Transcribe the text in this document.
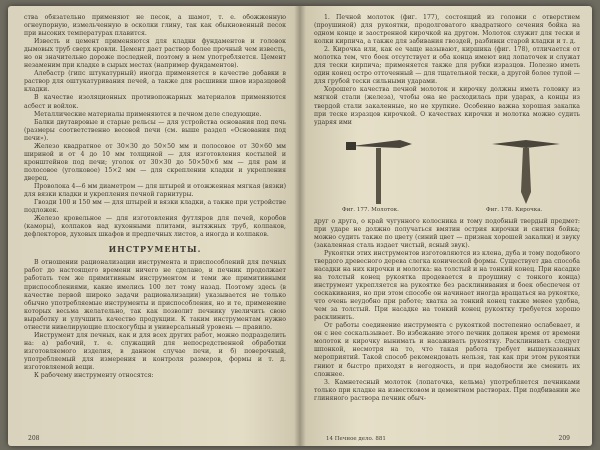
ства обязательно применяют не песок, а шамот, т. е. обожженную огнеупорную, измельченную в осколки глину, так как обыкновенный песок при высоких температурах плавится.

Известь и цемент применяются для кладки фундаментов и головок дымовых труб сверх кровли. Цемент дает раствор более прочный чем известь, но он значительно дороже последней, поэтому в нем употребляется. Цемент незаменим при кладке в сырых местах (например фундаментов).

Алебастр (гипс штукатурный) иногда применяется в качестве добавки в раствор для оштукатуривания печей, а также для расшивки швов изразцовой кладки.

В качестве изоляционных противопожарных материалов применяются асбест и войлок.

Металлические материалы применяются в печном деле следующие.

Балки двутавровые и старые рельсы — для устройства основания под печь (размеры соответственно весовой печи (см. выше раздел «Основания под печи»).

Железо квадратное от 30×30 до 50×50 мм и полосовое от 30×60 мм шириной и от 4 до 10 мм толщиной — для изготовления костылей и кронштейнов под печи; уголок от 30×30 до 50×50×6 мм — для рам и полосовое (уголковое) 15×2 мм — для скреплении кладки и укрепления дверец.

Проволока 4—6 мм диаметром — для штырей и отожженная мягкая (вязки) для вязки кладки и укрепления печной гарнитуры.

Гвозди 100 и 150 мм — для штырей и вязки кладки, а также при устройстве подложек.

Железо кровельное — для изготовления футляров для печей, коробов (каморы), колпаков над кухонными плитами, вытяжных труб, колпаков, дефлекторов, духовых шкафов и предпечных листов, а иногда и колпаков.

ИНСТРУМЕНТЫ.

В отношении рационализации инструмента и приспособлений для печных работ до настоящего времени ничего не сделано, и печник продолжает работать тем же примитивным инструментом и теми же примитивными приспособлениями, какие имелись 100 лет тому назад. Поэтому здесь (в качестве первой широко задачи рационализации) указывается не только обычно употребляемые инструменты и приспособления, но и те, применение которых весьма желательно, так как позволит печнику увеличить свою выработку и улучшить качество продукции. К таким инструментам нужно отнести нивелирующие плоскогубцы и универсальный уровень — правило.

Инструмент для печных, как и для всех других работ, можно подразделить на: а) рабочий, т. е. служащий для непосредственной обработки изготовляемого изделия, в данном случае печи, и б) поверочный, употребляемый для измерения и контроля размеров, формы и т. д. изготовляемой вещи.

К рабочему инструменту относятся:

208

1. Печной молоток (фиг. 177), состоящий из головки с отверстием (проушиной) для рукоятки, продолговатого квадратного сечения бойка на одном конце и заостренной кирочкой на другом. Молоток служит для тески и колки кирпича, а также для забивания гвоздей, разбивки старой кладки и т. д.

2. Кирочка или, как ее чаще называют, киршика (фиг. 178), отличается от молотка тем, что боек отсутствует и оба конца имеют вид лопаточек и служат для тески кирпича; применяется также для рубки изразцов. Полезно иметь один конец остро отточенный — для тщательной тески, а другой более тупой — для грубой тески сильными ударами.

Хорошего качества печной молоток и кирочку должны иметь головку из мягкой стали (железа), чтобы она не расходилась при ударах, а концы из твердой стали закаленные, но не хрупкие. Особенно важна хорошая закалка при теске изразцов кирочкой. О качествах кирочки и молотка можно судить ударяя ими

Фиг. 177. Молоток.	Фиг. 178. Кирочка.

друг о друга, о край чугунного колосника и тому подобный твердый предмет: при ударе не должно получаться вмятин острия кирочки и снятия бойка; можно судить также по цвету (синий цвет — признак хорошей закалки) и звуку (закаленная сталь издает чистый, ясный звук).

Рукоятки этих инструментов изготовляются из клена, дуба и тому подобного твердого древесного дерева слегка конической формы. Существует два способа насадки на них кирочки и молотка: на толстый и на тонкий конец. При насадке на толстый конец рукоятка продевается в проушину с тонкого конца) инструмент укрепляется на рукоятке без расклинивания и боек обеспечен от соскакивания, но при этом способе он начинает иногда вращаться на рукоятке, что очень неудобно при работе; хватка за тонкий конец также менее удобна, чем за толстый. При насадке на тонкий конец рукоятку требуется хорошо расклинить.

От работы соединение инструмента с рукояткой постепенно ослабевает, и он с нее соскальзывает. Во избежание этого печник должен время от времени молоток и кирочку вынимать и насаживать рукоятку. Расклинивать следует шпонкой, несмотря на то, что такая работа требует вышеуказанных мероприятий. Такой способ рекомендовать нельзя, так как при этом рукоятки гниют и быстро приходят в негодность, и при надобности же сменить их сложнее.

3. Камнетесный молоток (лопаточка, кельма) употребляется печниками только при кладке на известковом и цементном растворах. При подбивании же глиняного раствора печник обыч-

14 Печное дело. 881	209
